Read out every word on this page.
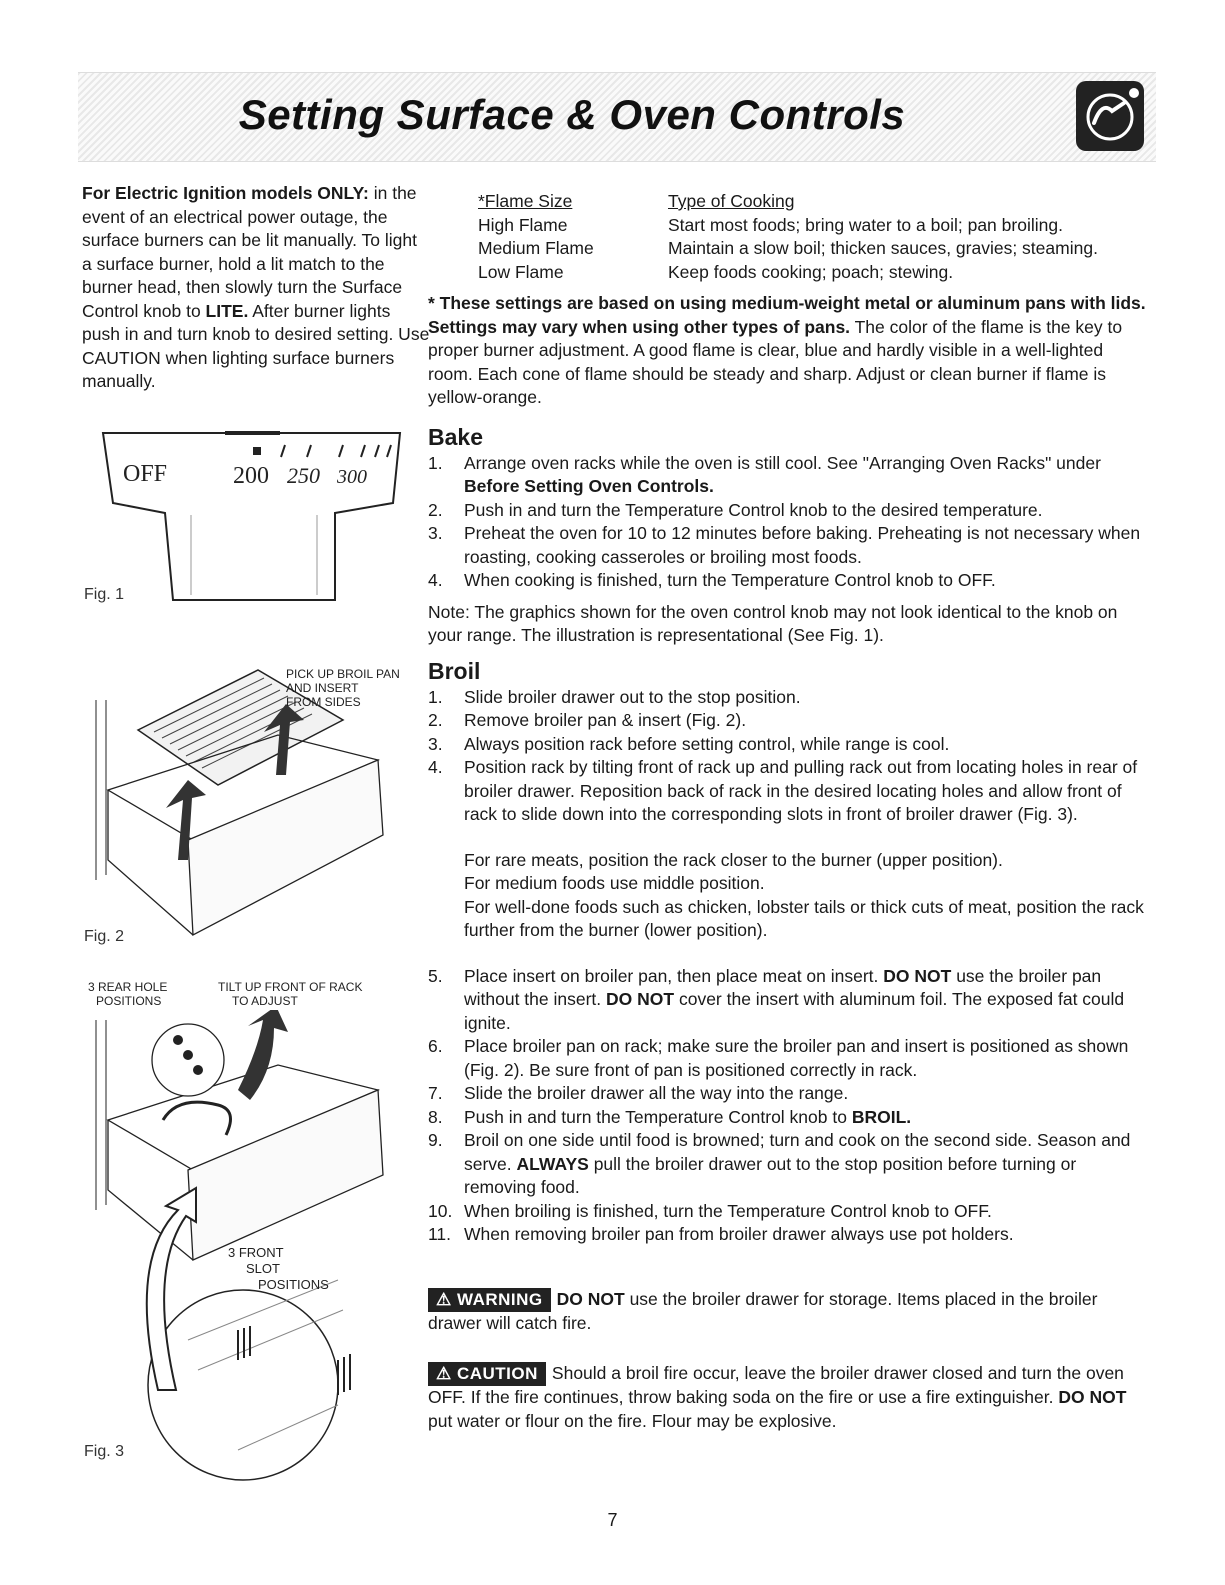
Setting Surface & Oven Controls

For Electric Ignition models ONLY: in the event of an electrical power outage, the surface burners can be lit manually. To light a surface burner, hold a lit match to the burner head, then slowly turn the Surface Control knob to LITE. After burner lights push in and turn knob to desired setting. Use CAUTION when lighting surface burners manually.

OFF	200 250 300
Fig. 1
PICK UP BROIL PAN
AND INSERT
FROM SIDES
Fig. 2
3 REAR HOLE
POSITIONS
TILT UP FRONT OF RACK
TO ADJUST
3 FRONT
SLOT
POSITIONS
Fig. 3
*Flame Size	Type of Cooking
High Flame	Start most foods; bring water to a boil; pan broiling.
Medium Flame	Maintain a slow boil; thicken sauces, gravies; steaming.
Low Flame	Keep foods cooking; poach; stewing.

* These settings are based on using medium-weight metal or aluminum pans with lids. Settings may vary when using other types of pans. The color of the flame is the key to proper burner adjustment. A good flame is clear, blue and hardly visible in a well-lighted room. Each cone of flame should be steady and sharp. Adjust or clean burner if flame is yellow-orange.

Bake

1. Arrange oven racks while the oven is still cool. See "Arranging Oven Racks" under Before Setting Oven Controls.
2. Push in and turn the Temperature Control knob to the desired temperature.
3. Preheat the oven for 10 to 12 minutes before baking. Preheating is not necessary when roasting, cooking casseroles or broiling most foods.
4. When cooking is finished, turn the Temperature Control knob to OFF.

Note: The graphics shown for the oven control knob may not look identical to the knob on your range. The illustration is representational (See Fig. 1).

Broil

1. Slide broiler drawer out to the stop position.
2. Remove broiler pan & insert (Fig. 2).
3. Always position rack before setting control, while range is cool.
4. Position rack by tilting front of rack up and pulling rack out from locating holes in rear of broiler drawer. Reposition back of rack in the desired locating holes and allow front of rack to slide down into the corresponding slots in front of broiler drawer (Fig. 3).

For rare meats, position the rack closer to the burner (upper position).

For medium foods use middle position.

For well-done foods such as chicken, lobster tails or thick cuts of meat, position the rack further from the burner (lower position).

5. Place insert on broiler pan, then place meat on insert. DO NOT use the broiler pan without the insert. DO NOT cover the insert with aluminum foil. The exposed fat could ignite.
6. Place broiler pan on rack; make sure the broiler pan and insert is positioned as shown (Fig. 2). Be sure front of pan is positioned correctly in rack.
7. Slide the broiler drawer all the way into the range.
8. Push in and turn the Temperature Control knob to BROIL.
9. Broil on one side until food is browned; turn and cook on the second side. Season and serve. ALWAYS pull the broiler drawer out to the stop position before turning or removing food.
10. When broiling is finished, turn the Temperature Control knob to OFF.
11. When removing broiler pan from broiler drawer always use pot holders.

⚠ WARNING DO NOT use the broiler drawer for storage. Items placed in the broiler drawer will catch fire.

⚠ CAUTION Should a broil fire occur, leave the broiler drawer closed and turn the oven OFF. If the fire continues, throw baking soda on the fire or use a fire extinguisher. DO NOT put water or flour on the fire. Flour may be explosive.

7
